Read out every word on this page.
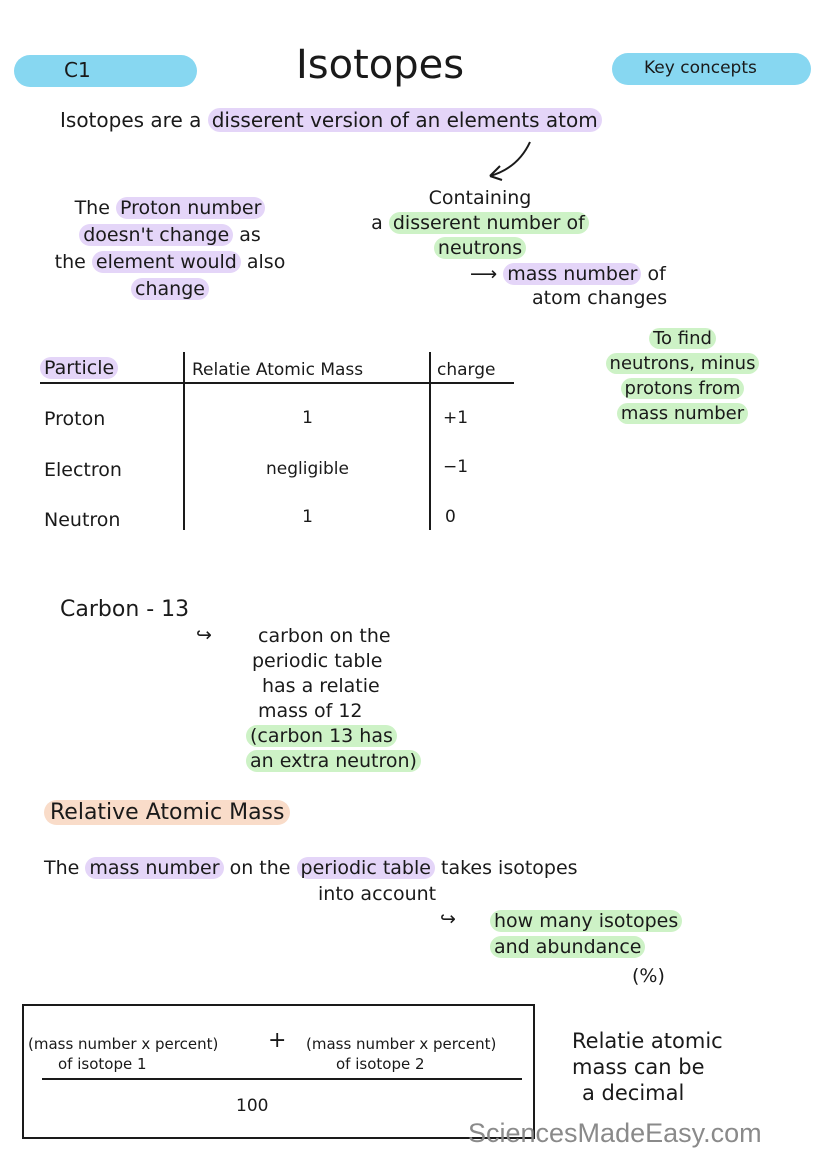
C1	Isotopes	Key concepts
Isotopes are a disserent version of an elements atom
The Proton number
doesn't change as
the element would also
change
Containing
a disserent number of
neutrons
⟶ mass number of
atom changes
To find
neutrons, minus
protons from
mass number
Particle	Relatie Atomic Mass	charge
Proton	1	+1
Electron	negligible	−1
Neutron	1	0
Carbon - 13
↪	carbon on the
periodic table
has a relatie
mass of 12
(carbon 13 has
an extra neutron)
Relative Atomic Mass
The mass number on the periodic table takes isotopes
into account
↪ how many isotopes
and abundance
(%)
(mass number x percent)
of isotope 1
+ (mass number x percent)
of isotope 2
100
Relatie atomic
mass can be
a decimal
SciencesMadeEasy.com
